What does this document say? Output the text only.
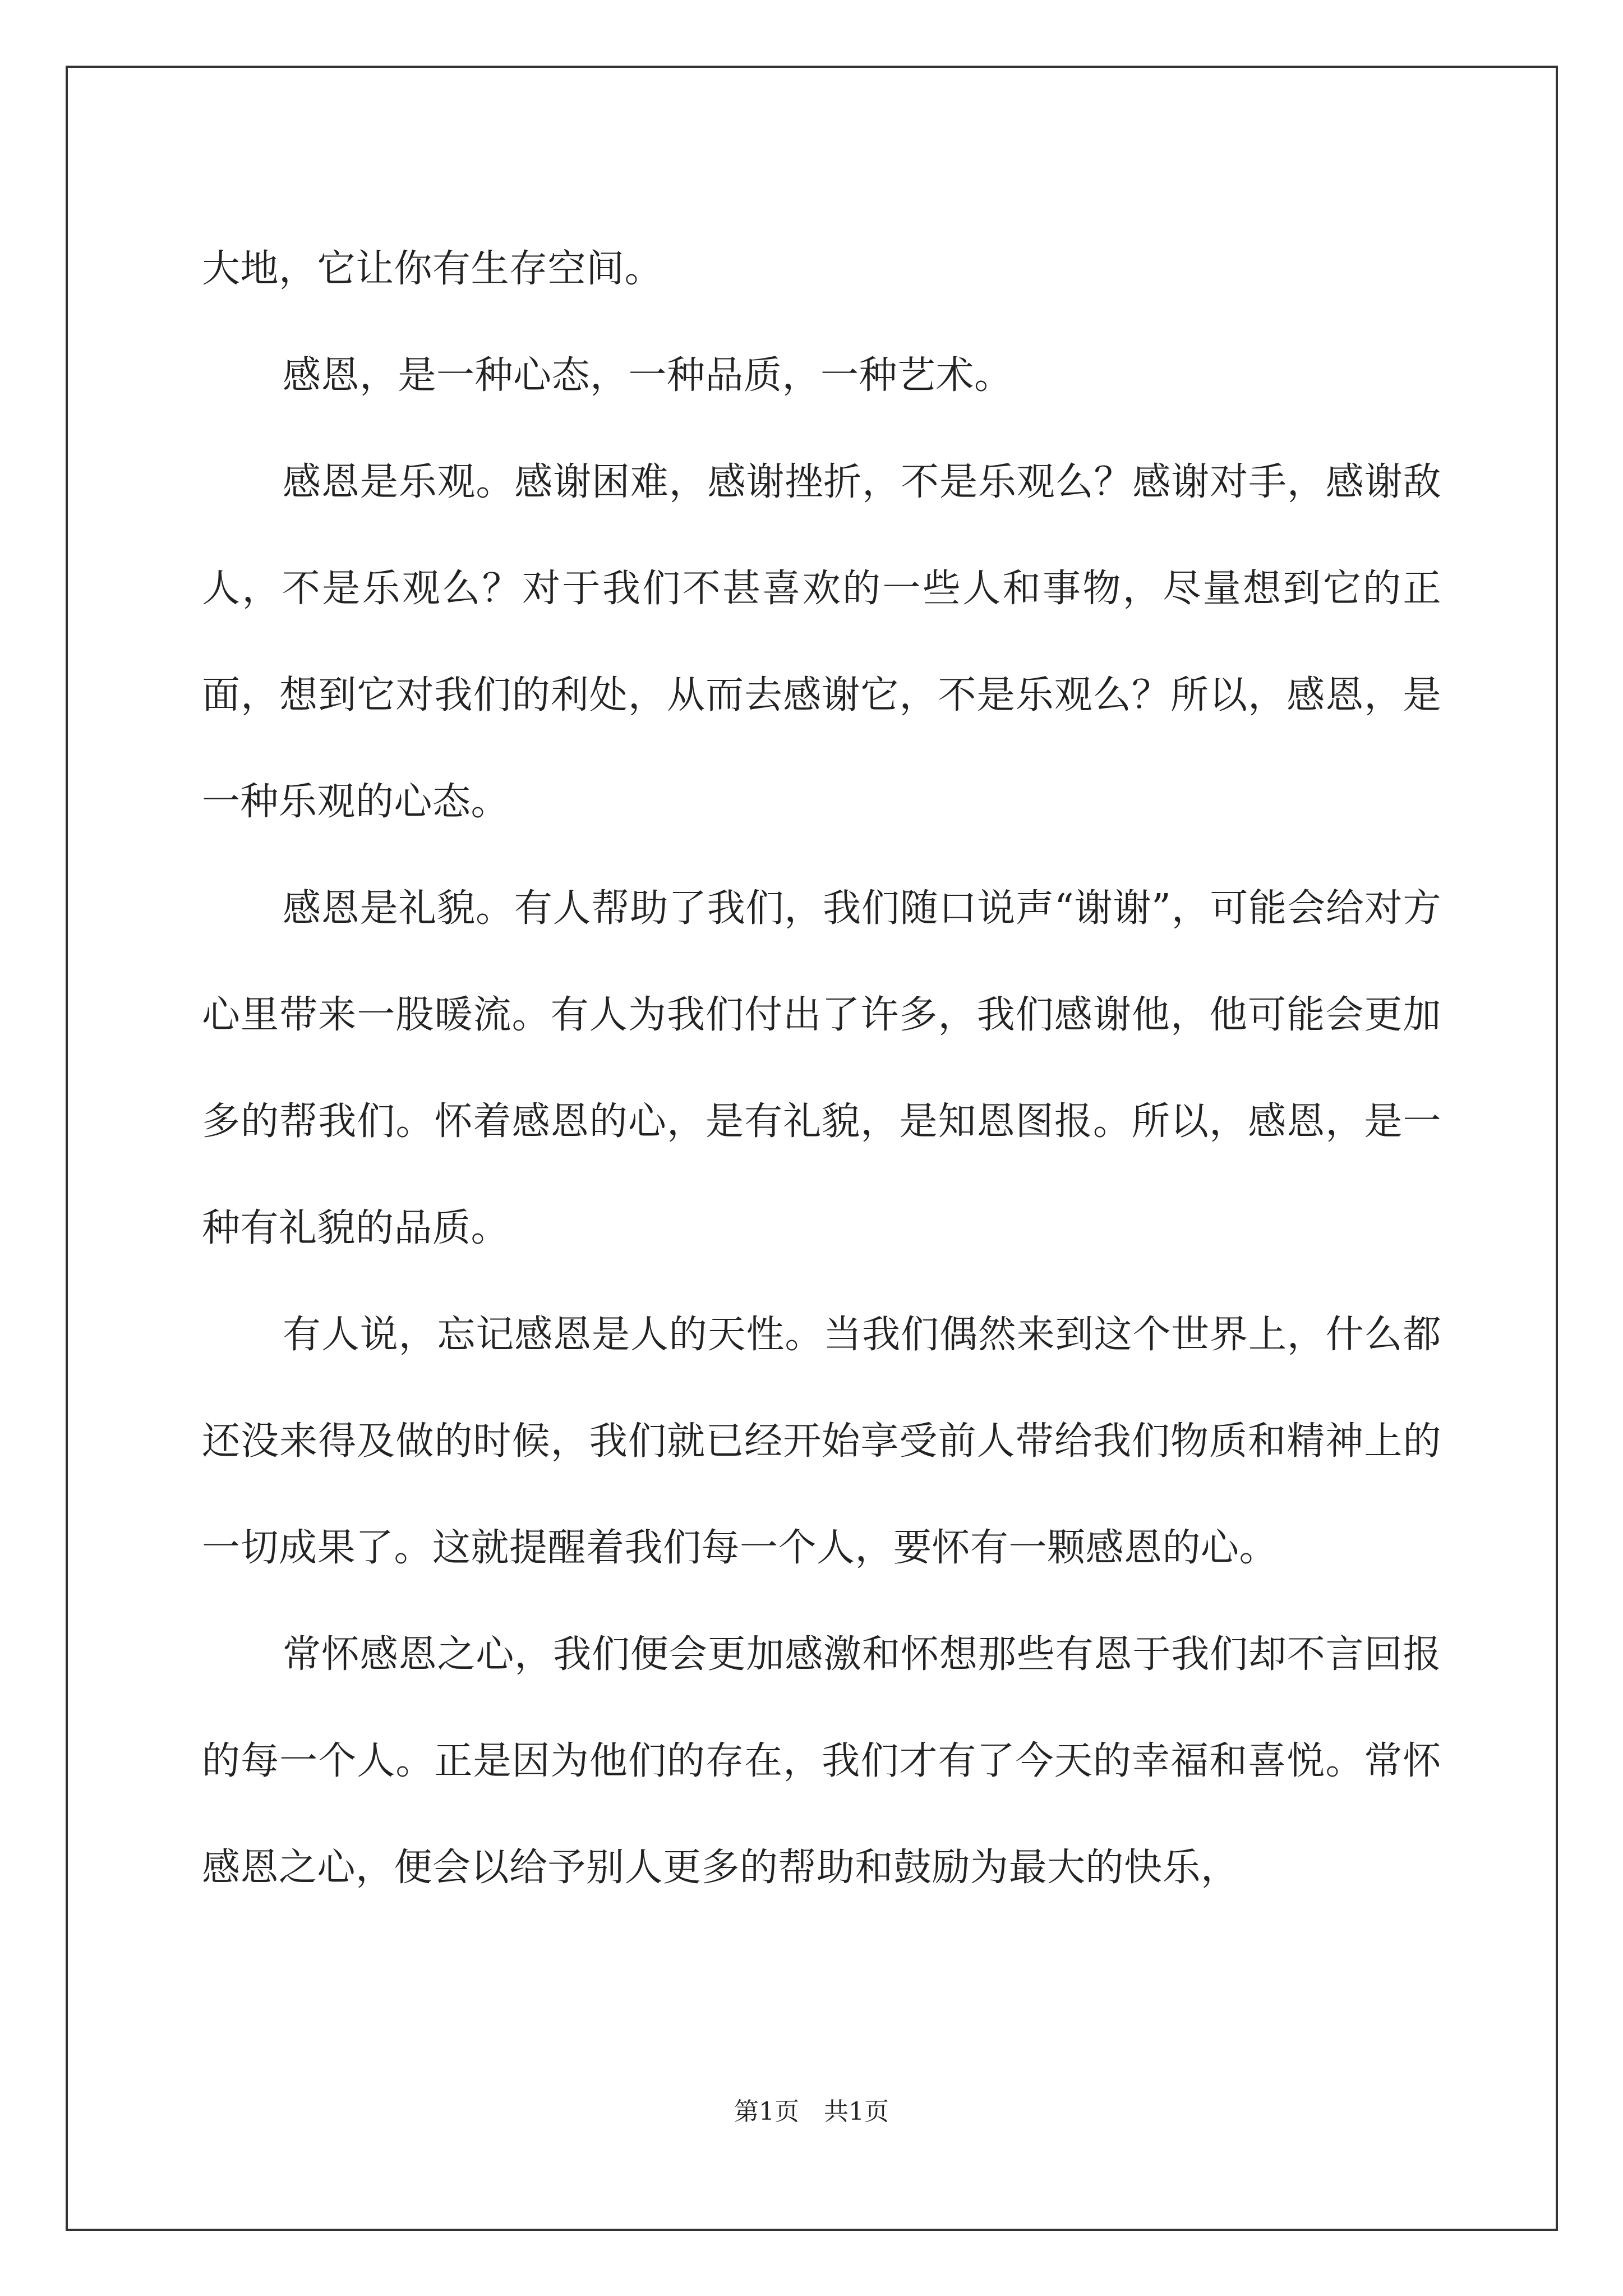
大地，它让你有生存空间。

感恩，是一种心态，一种品质，一种艺术。

感恩是乐观。感谢困难，感谢挫折，不是乐观么？感谢对手，感谢敌人，不是乐观么？对于我们不甚喜欢的一些人和事物，尽量想到它的正面，想到它对我们的利处，从而去感谢它，不是乐观么？所以，感恩，是一种乐观的心态。

感恩是礼貌。有人帮助了我们，我们随口说声“谢谢”，可能会给对方心里带来一股暖流。有人为我们付出了许多，我们感谢他，他可能会更加多的帮我们。怀着感恩的心，是有礼貌，是知恩图报。所以，感恩，是一种有礼貌的品质。

有人说，忘记感恩是人的天性。当我们偶然来到这个世界上，什么都还没来得及做的时候，我们就已经开始享受前人带给我们物质和精神上的一切成果了。这就提醒着我们每一个人，要怀有一颗感恩的心。

常怀感恩之心，我们便会更加感激和怀想那些有恩于我们却不言回报的每一个人。正是因为他们的存在，我们才有了今天的幸福和喜悦。常怀感恩之心，便会以给予别人更多的帮助和鼓励为最大的快乐，

第1页　共1页
